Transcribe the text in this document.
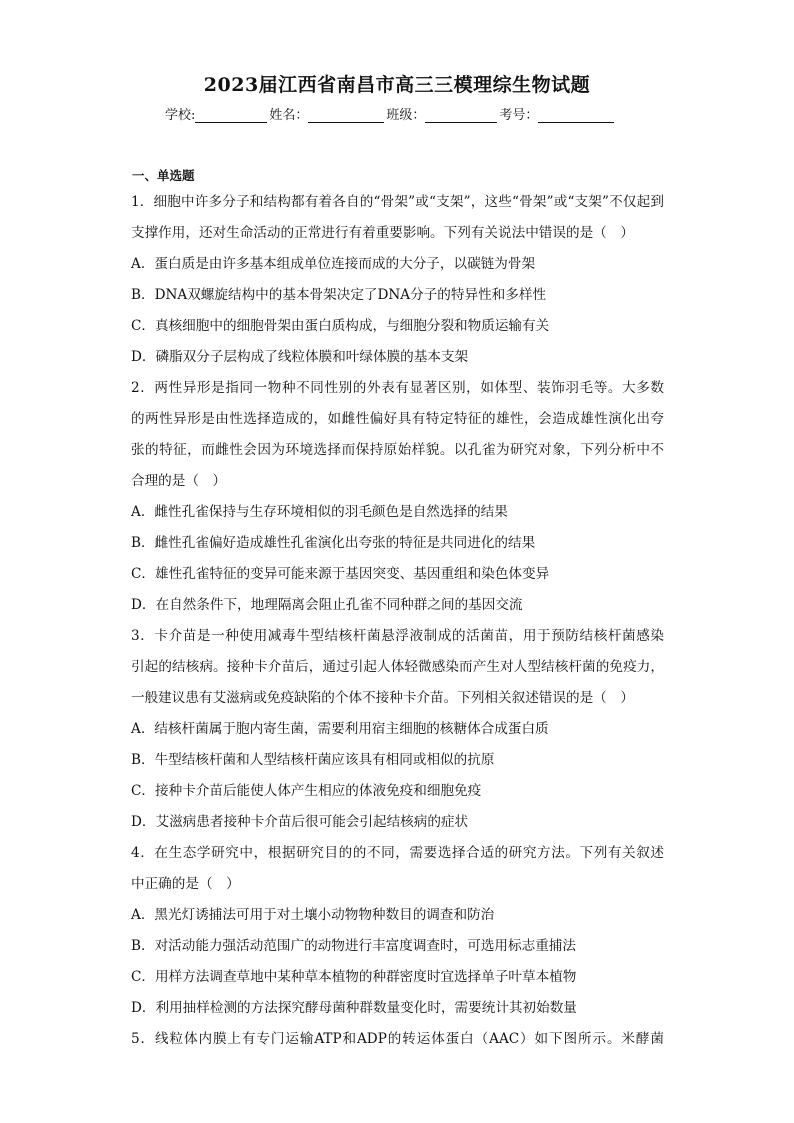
2023届江西省南昌市高三三模理综生物试题
学校:	姓名：	班级：	考号：
一、单选题
1．细胞中许多分子和结构都有着各自的“骨架”或“支架”，这些“骨架”或“支架”不仅起到
支撑作用，还对生命活动的正常进行有着重要影响。下列有关说法中错误的是（　）
A．蛋白质是由许多基本组成单位连接而成的大分子，以碳链为骨架
B．DNA双螺旋结构中的基本骨架决定了DNA分子的特异性和多样性
C．真核细胞中的细胞骨架由蛋白质构成，与细胞分裂和物质运输有关
D．磷脂双分子层构成了线粒体膜和叶绿体膜的基本支架
2．两性异形是指同一物种不同性别的外表有显著区别，如体型、装饰羽毛等。大多数
的两性异形是由性选择造成的，如雌性偏好具有特定特征的雄性，会造成雄性演化出夸
张的特征，而雌性会因为环境选择而保持原始样貌。以孔雀为研究对象，下列分析中不
合理的是（　）
A．雌性孔雀保持与生存环境相似的羽毛颜色是自然选择的结果
B．雌性孔雀偏好造成雄性孔雀演化出夸张的特征是共同进化的结果
C．雄性孔雀特征的变异可能来源于基因突变、基因重组和染色体变异
D．在自然条件下，地理隔离会阻止孔雀不同种群之间的基因交流
3．卡介苗是一种使用减毒牛型结核杆菌悬浮液制成的活菌苗，用于预防结核杆菌感染
引起的结核病。接种卡介苗后，通过引起人体轻微感染而产生对人型结核杆菌的免疫力，
一般建议患有艾滋病或免疫缺陷的个体不接种卡介苗。下列相关叙述错误的是（　）
A．结核杆菌属于胞内寄生菌，需要利用宿主细胞的核糖体合成蛋白质
B．牛型结核杆菌和人型结核杆菌应该具有相同或相似的抗原
C．接种卡介苗后能使人体产生相应的体液免疫和细胞免疫
D．艾滋病患者接种卡介苗后很可能会引起结核病的症状
4．在生态学研究中，根据研究目的的不同，需要选择合适的研究方法。下列有关叙述
中正确的是（　）
A．黑光灯诱捕法可用于对土壤小动物物种数目的调查和防治
B．对活动能力强活动范围广的动物进行丰富度调查时，可选用标志重捕法
C．用样方法调查草地中某种草本植物的种群密度时宜选择单子叶草本植物
D．利用抽样检测的方法探究酵母菌种群数量变化时，需要统计其初始数量
5．线粒体内膜上有专门运输ATP和ADP的转运体蛋白（AAC）如下图所示。米酵菌
